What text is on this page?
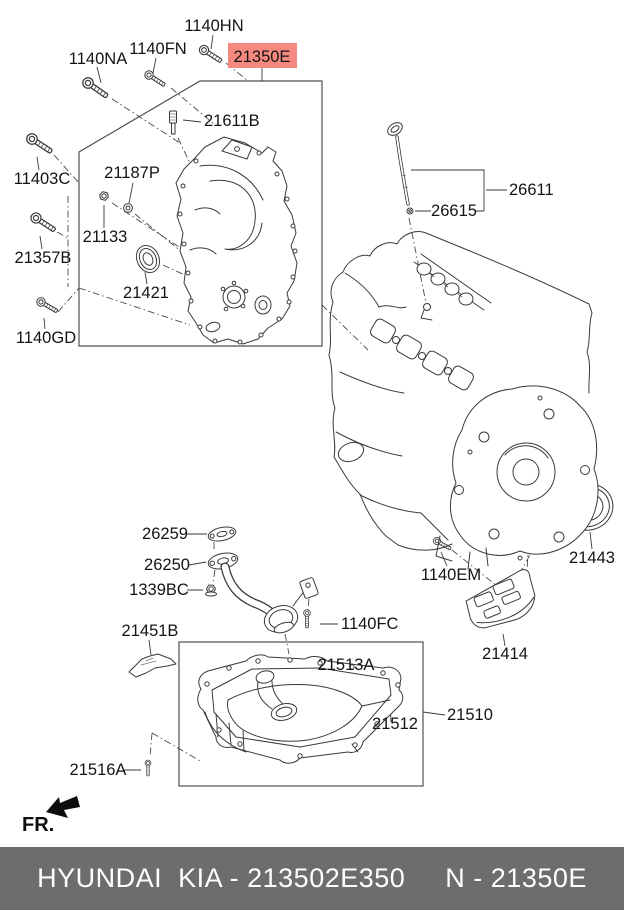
21350E
1140HN
1140FN
1140NA
21611B
11403C 21187P
21133
21357B
21421
1140GD
26611
26615
21443
1140EM
21414
26259
26250
1339BC
21451B	1140FC
21513A
21512 21510
21516A
FR.
HYUNDAI  KIA - 213502E350 N - 21350E
